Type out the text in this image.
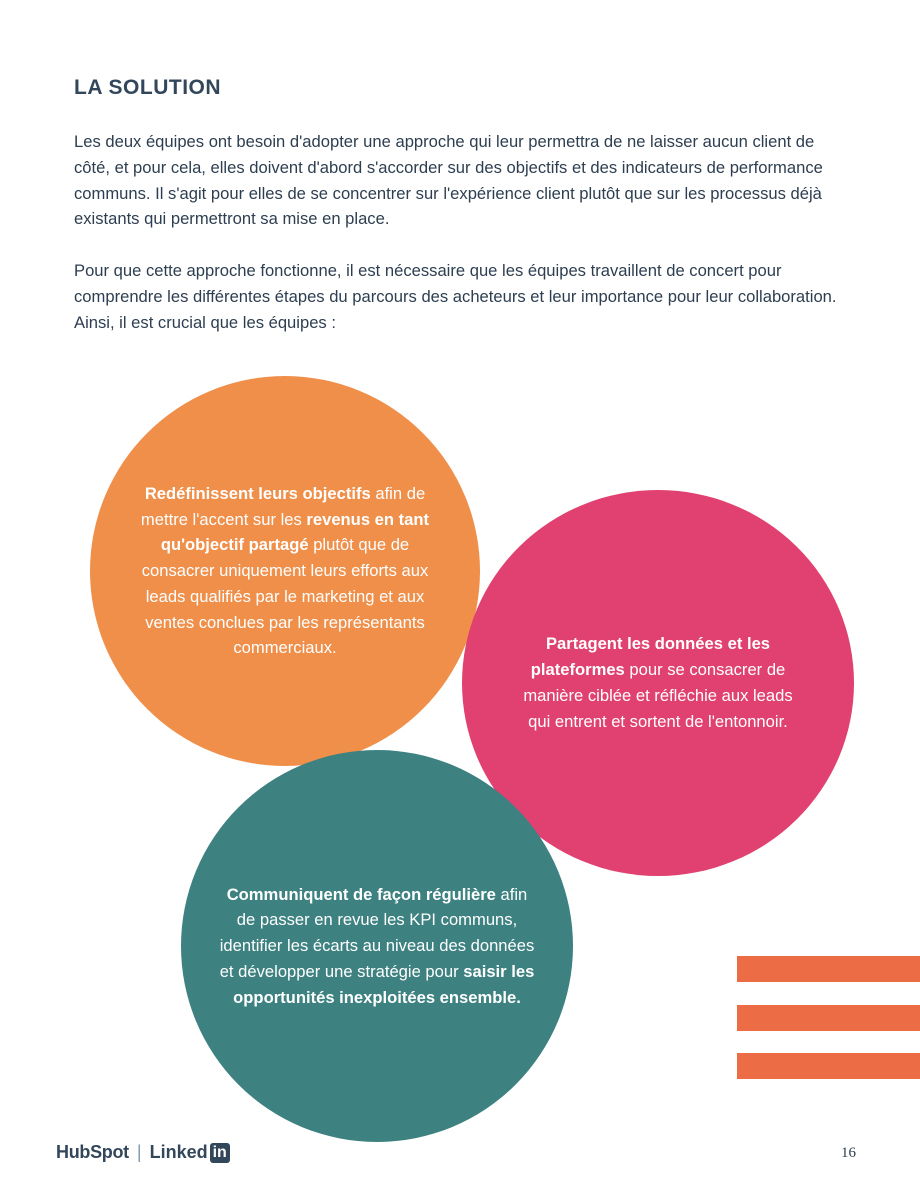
LA SOLUTION

Les deux équipes ont besoin d'adopter une approche qui leur permettra de ne laisser aucun client de côté, et pour cela, elles doivent d'abord s'accorder sur des objectifs et des indicateurs de performance communs. Il s'agit pour elles de se concentrer sur l'expérience client plutôt que sur les processus déjà existants qui permettront sa mise en place.

Pour que cette approche fonctionne, il est nécessaire que les équipes travaillent de concert pour comprendre les différentes étapes du parcours des acheteurs et leur importance pour leur collaboration. Ainsi, il est crucial que les équipes :

Redéfinissent leurs objectifs afin de mettre l'accent sur les revenus en tant qu'objectif partagé plutôt que de consacrer uniquement leurs efforts aux leads qualifiés par le marketing et aux ventes conclues par les représentants commerciaux.	Partagent les données et les plateformes pour se consacrer de manière ciblée et réfléchie aux leads qui entrent et sortent de l'entonnoir.

Communiquent de façon régulière afin de passer en revue les KPI communs, identifier les écarts au niveau des données et développer une stratégie pour saisir les opportunités inexploitées ensemble.

HubSpot | Linked in	16
